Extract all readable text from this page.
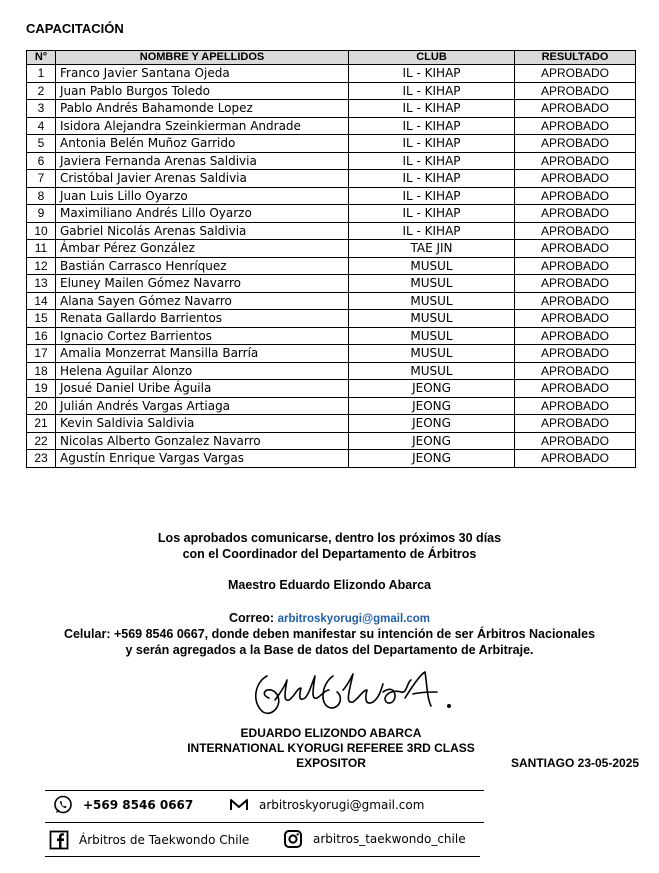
CAPACITACIÓN
N°	NOMBRE Y APELLIDOS	CLUB	RESULTADO
1	Franco Javier Santana Ojeda	IL - KIHAP	APROBADO
2	Juan Pablo Burgos Toledo	IL - KIHAP	APROBADO
3	Pablo Andrés Bahamonde Lopez	IL - KIHAP	APROBADO
4	Isidora Alejandra Szeinkierman Andrade	IL - KIHAP	APROBADO
5	Antonia Belén Muñoz Garrido	IL - KIHAP	APROBADO
6	Javiera Fernanda Arenas Saldivia	IL - KIHAP	APROBADO
7	Cristóbal Javier Arenas Saldivia	IL - KIHAP	APROBADO
8	Juan Luis Lillo Oyarzo	IL - KIHAP	APROBADO
9	Maximiliano Andrés Lillo Oyarzo	IL - KIHAP	APROBADO
10	Gabriel Nicolás Arenas Saldivia	IL - KIHAP	APROBADO
11	Ámbar Pérez González	TAE JIN	APROBADO
12	Bastián Carrasco Henríquez	MUSUL	APROBADO
13	Eluney Mailen Gómez Navarro	MUSUL	APROBADO
14	Alana Sayen Gómez Navarro	MUSUL	APROBADO
15	Renata Gallardo Barrientos	MUSUL	APROBADO
16	Ignacio Cortez Barrientos	MUSUL	APROBADO
17	Amalia Monzerrat Mansilla Barría	MUSUL	APROBADO
18	Helena Aguilar Alonzo	MUSUL	APROBADO
19	Josué Daniel Uribe Águila	JEONG	APROBADO
20	Julián Andrés Vargas Artiaga	JEONG	APROBADO
21	Kevin Saldivia Saldivia	JEONG	APROBADO
22	Nicolas Alberto Gonzalez Navarro	JEONG	APROBADO
23	Agustín Enrique Vargas Vargas	JEONG	APROBADO
Los aprobados comunicarse, dentro los próximos 30 días
con el Coordinador del Departamento de Árbitros
Maestro Eduardo Elizondo Abarca
Correo: arbitroskyorugi@gmail.com
Celular: +569 8546 0667, donde deben manifestar su intención de ser Árbitros Nacionales
y serán agregados a la Base de datos del Departamento de Arbitraje.
EDUARDO ELIZONDO ABARCA
INTERNATIONAL KYORUGI REFEREE 3RD CLASS
EXPOSITOR	SANTIAGO 23-05-2025
+569 8546 0667	arbitroskyorugi@gmail.com
Árbitros de Taekwondo Chile	arbitros_taekwondo_chile
